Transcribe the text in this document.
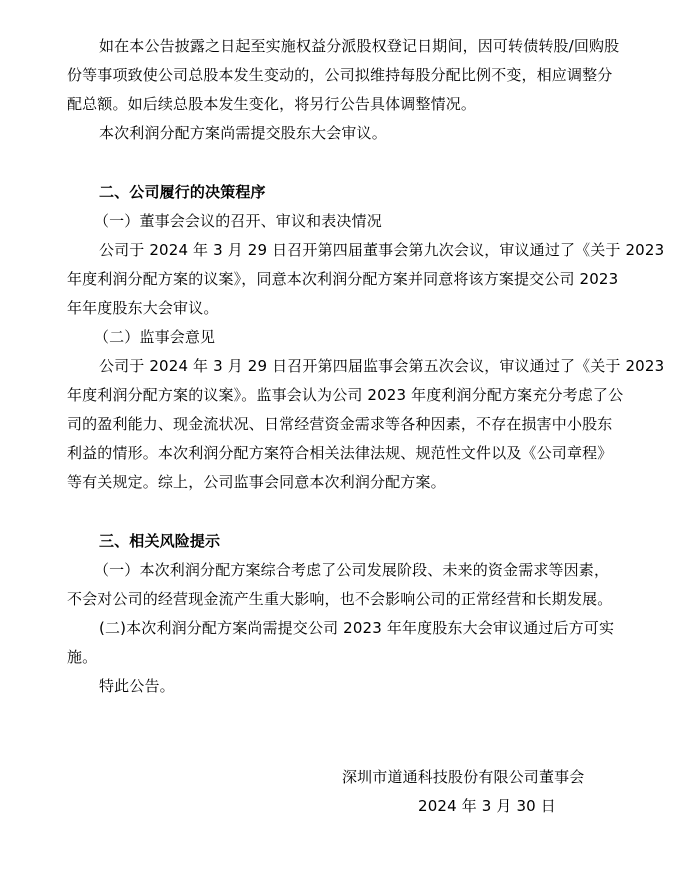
如在本公告披露之日起至实施权益分派股权登记日期间，因可转债转股/回购股
份等事项致使公司总股本发生变动的，公司拟维持每股分配比例不变，相应调整分
配总额。如后续总股本发生变化，将另行公告具体调整情况。
本次利润分配方案尚需提交股东大会审议。
二、公司履行的决策程序
（一）董事会会议的召开、审议和表决情况
公司于 2024 年 3 月 29 日召开第四届董事会第九次会议，审议通过了《关于 2023
年度利润分配方案的议案》，同意本次利润分配方案并同意将该方案提交公司 2023
年年度股东大会审议。
（二）监事会意见
公司于 2024 年 3 月 29 日召开第四届监事会第五次会议，审议通过了《关于 2023
年度利润分配方案的议案》。监事会认为公司 2023 年度利润分配方案充分考虑了公
司的盈利能力、现金流状况、日常经营资金需求等各种因素，不存在损害中小股东
利益的情形。本次利润分配方案符合相关法律法规、规范性文件以及《公司章程》
等有关规定。综上，公司监事会同意本次利润分配方案。
三、相关风险提示
（一）本次利润分配方案综合考虑了公司发展阶段、未来的资金需求等因素，
不会对公司的经营现金流产生重大影响，也不会影响公司的正常经营和长期发展。
(二)本次利润分配方案尚需提交公司 2023 年年度股东大会审议通过后方可实
施。
特此公告。
深圳市道通科技股份有限公司董事会
2024 年 3 月 30 日
